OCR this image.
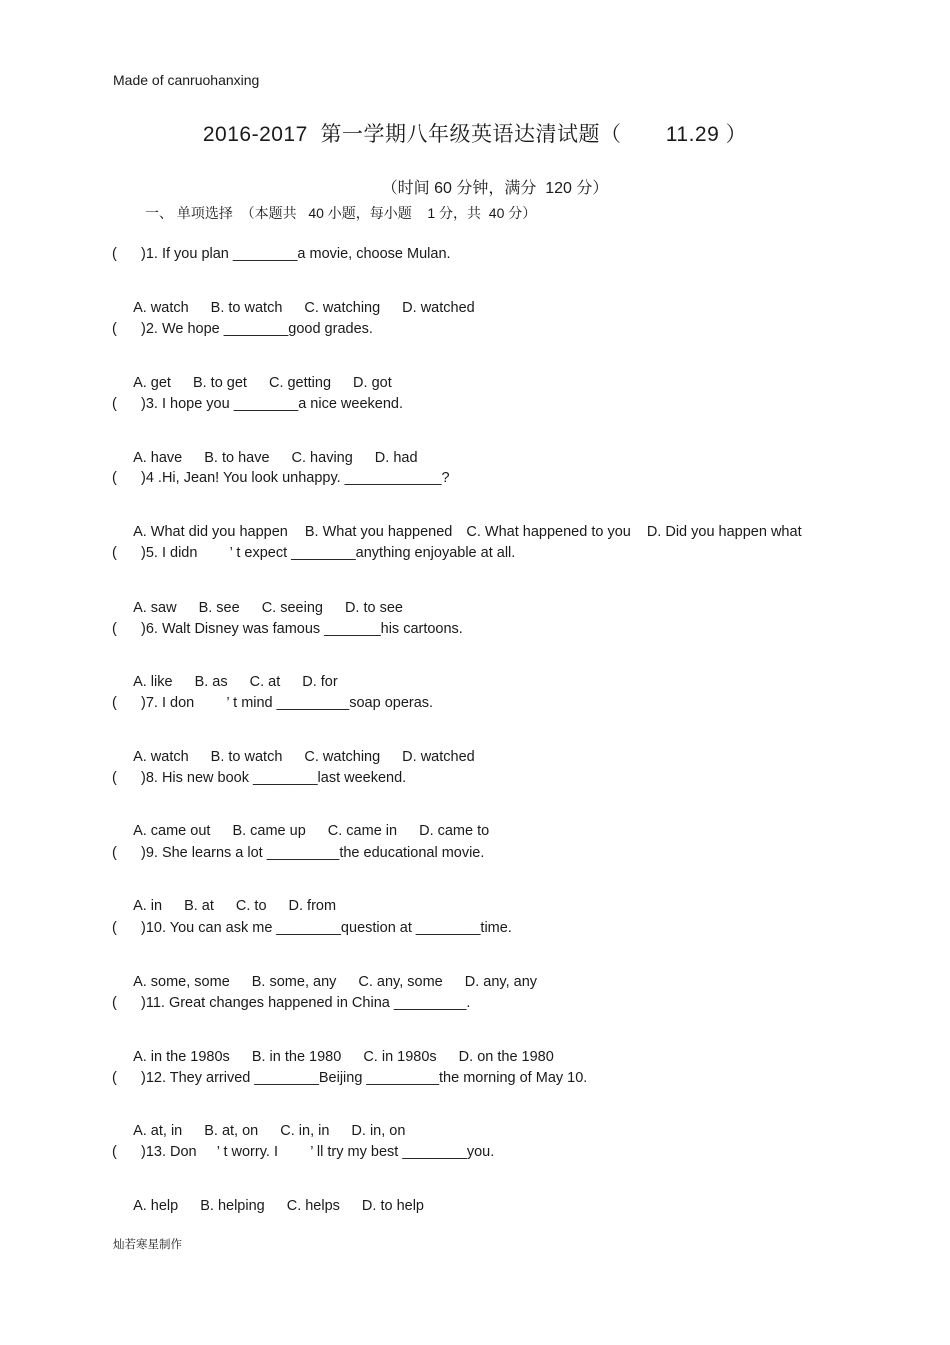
Made of canruohanxing
2016-2017  第一学期八年级英语达清试题（       11.29 ）
（时间 60 分钟，满分  120 分）
一、 单项选择  （本题共   40 小题，每小题    1 分，共  40 分）
(      )1. If you plan ________a movie, choose Mulan.

A. watch B. to watch C. watching D. watched

(      )2. We hope ________good grades.

A. get B. to get C. getting D. got

(      )3. I hope you ________a nice weekend.

A. have B. to have C. having D. had

(      )4 .Hi, Jean! You look unhappy. ____________?

A. What did you happen B. What you happened C. What happened to you D. Did you happen what

(      )5. I didn        ’ t expect ________anything enjoyable at all.

A. saw B. see C. seeing D. to see

(      )6. Walt Disney was famous _______his cartoons.

A. like B. as C. at D. for

(      )7. I don        ’ t mind _________soap operas.

A. watch B. to watch C. watching D. watched

(      )8. His new book ________last weekend.

A. came out B. came up C. came in D. came to

(      )9. She learns a lot _________the educational movie.

A. in B. at C. to D. from

(      )10. You can ask me ________question at ________time.

A. some, some B. some, any C. any, some D. any, any

(      )11. Great changes happened in China _________.

A. in the 1980s B. in the 1980 C. in 1980s D. on the 1980

(      )12. They arrived ________Beijing _________the morning of May 10.

A. at, in B. at, on C. in, in D. in, on

(      )13. Don     ’ t worry. I        ’ ll try my best ________you.

A. help B. helping C. helps D. to help

灿若寒星制作
